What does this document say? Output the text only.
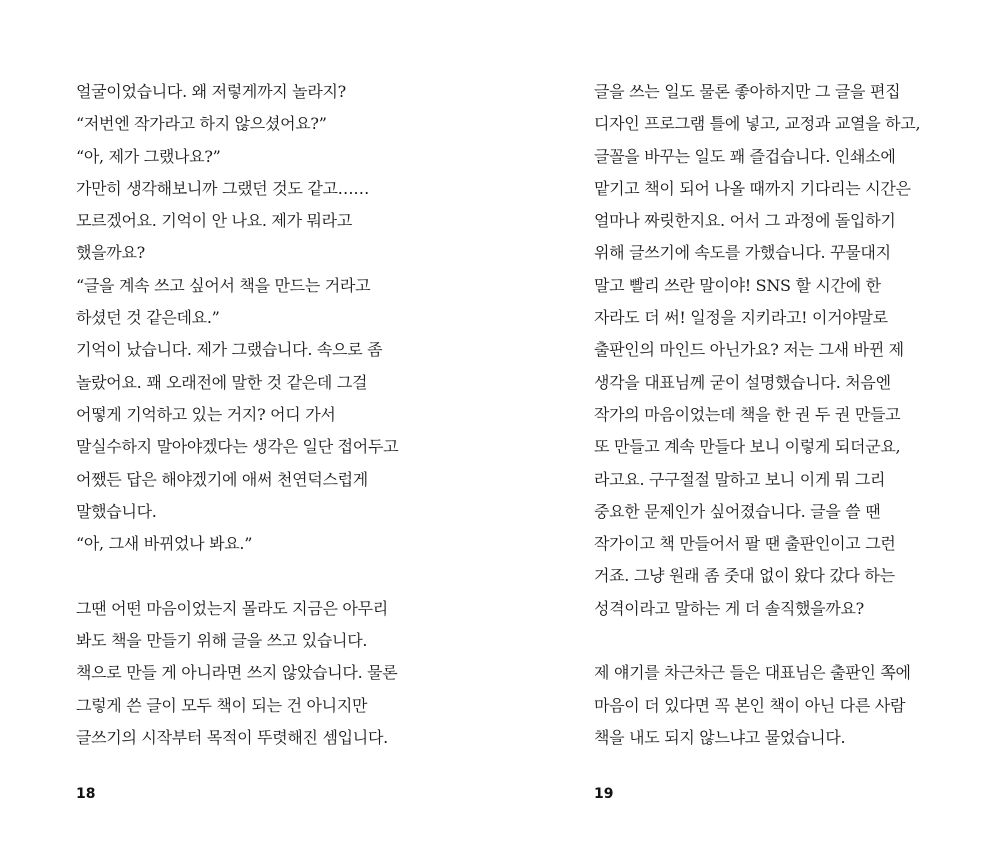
얼굴이었습니다. 왜 저렇게까지 놀라지?

“저번엔 작가라고 하지 않으셨어요?”

“아, 제가 그랬나요?”

가만히 생각해보니까 그랬던 것도 같고……

모르겠어요. 기억이 안 나요. 제가 뭐라고

했을까요?

“글을 계속 쓰고 싶어서 책을 만드는 거라고

하셨던 것 같은데요.”

기억이 났습니다. 제가 그랬습니다. 속으로 좀

놀랐어요. 꽤 오래전에 말한 것 같은데 그걸

어떻게 기억하고 있는 거지? 어디 가서

말실수하지 말아야겠다는 생각은 일단 접어두고

어쨌든 답은 해야겠기에 애써 천연덕스럽게

말했습니다.

“아, 그새 바뀌었나 봐요.”

그땐 어떤 마음이었는지 몰라도 지금은 아무리

봐도 책을 만들기 위해 글을 쓰고 있습니다.

책으로 만들 게 아니라면 쓰지 않았습니다. 물론

그렇게 쓴 글이 모두 책이 되는 건 아니지만

글쓰기의 시작부터 목적이 뚜렷해진 셈입니다.

18

글을 쓰는 일도 물론 좋아하지만 그 글을 편집

디자인 프로그램 틀에 넣고, 교정과 교열을 하고,

글꼴을 바꾸는 일도 꽤 즐겁습니다. 인쇄소에

맡기고 책이 되어 나올 때까지 기다리는 시간은

얼마나 짜릿한지요. 어서 그 과정에 돌입하기

위해 글쓰기에 속도를 가했습니다. 꾸물대지

말고 빨리 쓰란 말이야! SNS 할 시간에 한

자라도 더 써! 일정을 지키라고! 이거야말로

출판인의 마인드 아닌가요? 저는 그새 바뀐 제

생각을 대표님께 굳이 설명했습니다. 처음엔

작가의 마음이었는데 책을 한 권 두 권 만들고

또 만들고 계속 만들다 보니 이렇게 되더군요,

라고요. 구구절절 말하고 보니 이게 뭐 그리

중요한 문제인가 싶어졌습니다. 글을 쓸 땐

작가이고 책 만들어서 팔 땐 출판인이고 그런

거죠. 그냥 원래 좀 줏대 없이 왔다 갔다 하는

성격이라고 말하는 게 더 솔직했을까요?

제 얘기를 차근차근 들은 대표님은 출판인 쪽에

마음이 더 있다면 꼭 본인 책이 아닌 다른 사람

책을 내도 되지 않느냐고 물었습니다.

19
